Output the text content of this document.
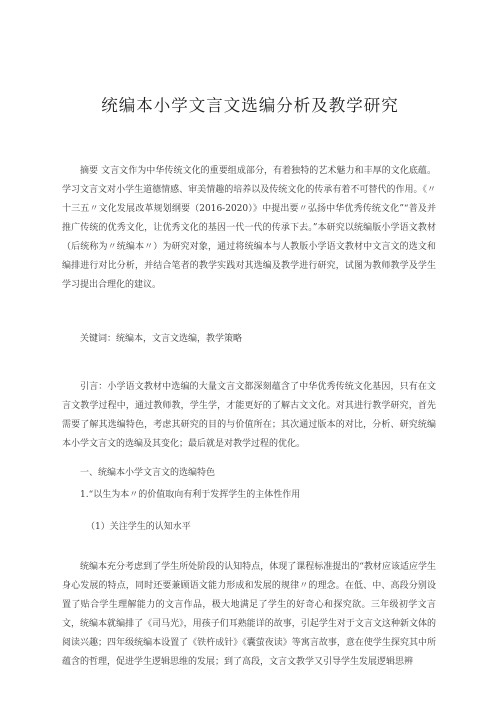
统编本小学文言文选编分析及教学研究

摘要 文言文作为中华传统文化的重要组成部分，有着独特的艺术魅力和丰厚的文化底蕴。学习文言文对小学生道德情感、审美情趣的培养以及传统文化的传承有着不可替代的作用。《〃十三五〃文化发展改革规划纲要（2016-2020）》中提出要〃弘扬中华优秀传统文化”“普及并推广传统的优秀文化，让优秀文化的基因一代一代的传承下去。”本研究以统编版小学语文教材（后统称为〃统编本〃）为研究对象，通过将统编本与人教版小学语文教材中文言文的选文和编排进行对比分析，并结合笔者的教学实践对其选编及教学进行研究，试图为教师教学及学生学习提出合理化的建议。

关键词：统编本，文言文选编，教学策略

引言：小学语文教材中选编的大量文言文都深刻蕴含了中华优秀传统文化基因，只有在文言文教学过程中，通过教师教，学生学，才能更好的了解古文文化。对其进行教学研究，首先需要了解其选编特色，考虑其研究的目的与价值所在；其次通过版本的对比，分析、研究统编本小学文言文的选编及其变化；最后就是对教学过程的优化。

一、统编本小学文言文的选编特色
1.“以生为本〃的价值取向有利于发挥学生的主体性作用
（1）关注学生的认知水平

统编本充分考虑到了学生所处阶段的认知特点，体现了课程标准提出的“教材应该适应学生身心发展的特点，同时还要兼顾语文能力形成和发展的规律〃的理念。在低、中、高段分别设置了贴合学生理解能力的文言作品，极大地满足了学生的好奇心和探究欲。三年级初学文言文，统编本就编排了《司马光》，用孩子们耳熟能详的故事，引起学生对于文言文这种新文体的阅读兴趣；四年级统编本设置了《铁杵成针》《囊萤夜读》等寓言故事，意在使学生探究其中所蕴含的哲理，促进学生逻辑思维的发展；到了高段，文言文教学又引导学生发展逻辑思辨
